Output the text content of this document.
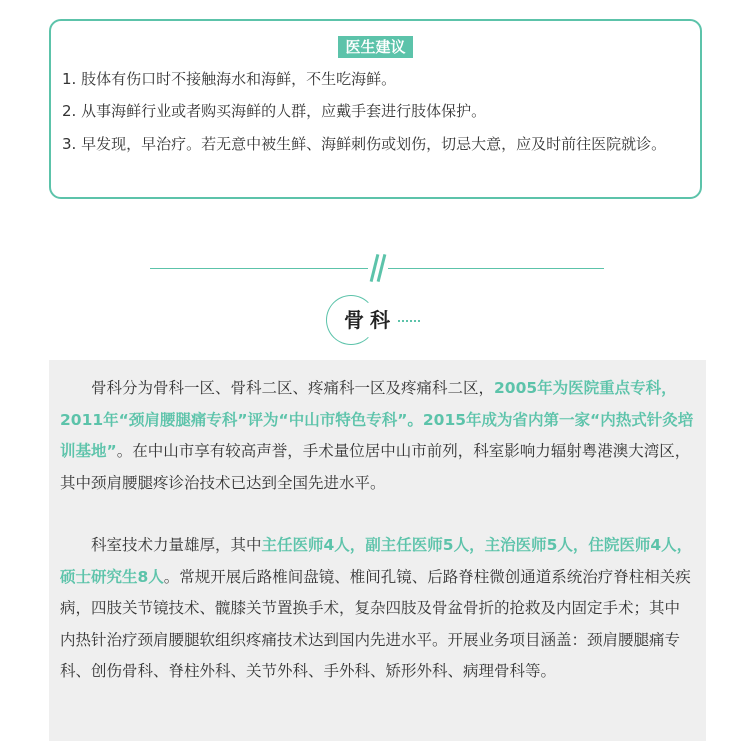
医生建议
1. 肢体有伤口时不接触海水和海鲜，不生吃海鲜。
2. 从事海鲜行业或者购买海鲜的人群，应戴手套进行肢体保护。
3. 早发现，早治疗。若无意中被生鲜、海鲜刺伤或划伤，切忌大意，应及时前往医院就诊。
骨科

骨科分为骨科一区、骨科二区、疼痛科一区及疼痛科二区，2005年为医院重点专科，2011年“颈肩腰腿痛专科”评为“中山市特色专科”。2015年成为省内第一家“内热式针灸培训基地”。在中山市享有较高声誉，手术量位居中山市前列，科室影响力辐射粤港澳大湾区，其中颈肩腰腿疼诊治技术已达到全国先进水平。

科室技术力量雄厚，其中主任医师4人，副主任医师5人，主治医师5人，住院医师4人，硕士研究生8人。常规开展后路椎间盘镜、椎间孔镜、后路脊柱微创通道系统治疗脊柱相关疾病，四肢关节镜技术、髋膝关节置换手术，复杂四肢及骨盆骨折的抢救及内固定手术；其中内热针治疗颈肩腰腿软组织疼痛技术达到国内先进水平。开展业务项目涵盖：颈肩腰腿痛专科、创伤骨科、脊柱外科、关节外科、手外科、矫形外科、病理骨科等。
